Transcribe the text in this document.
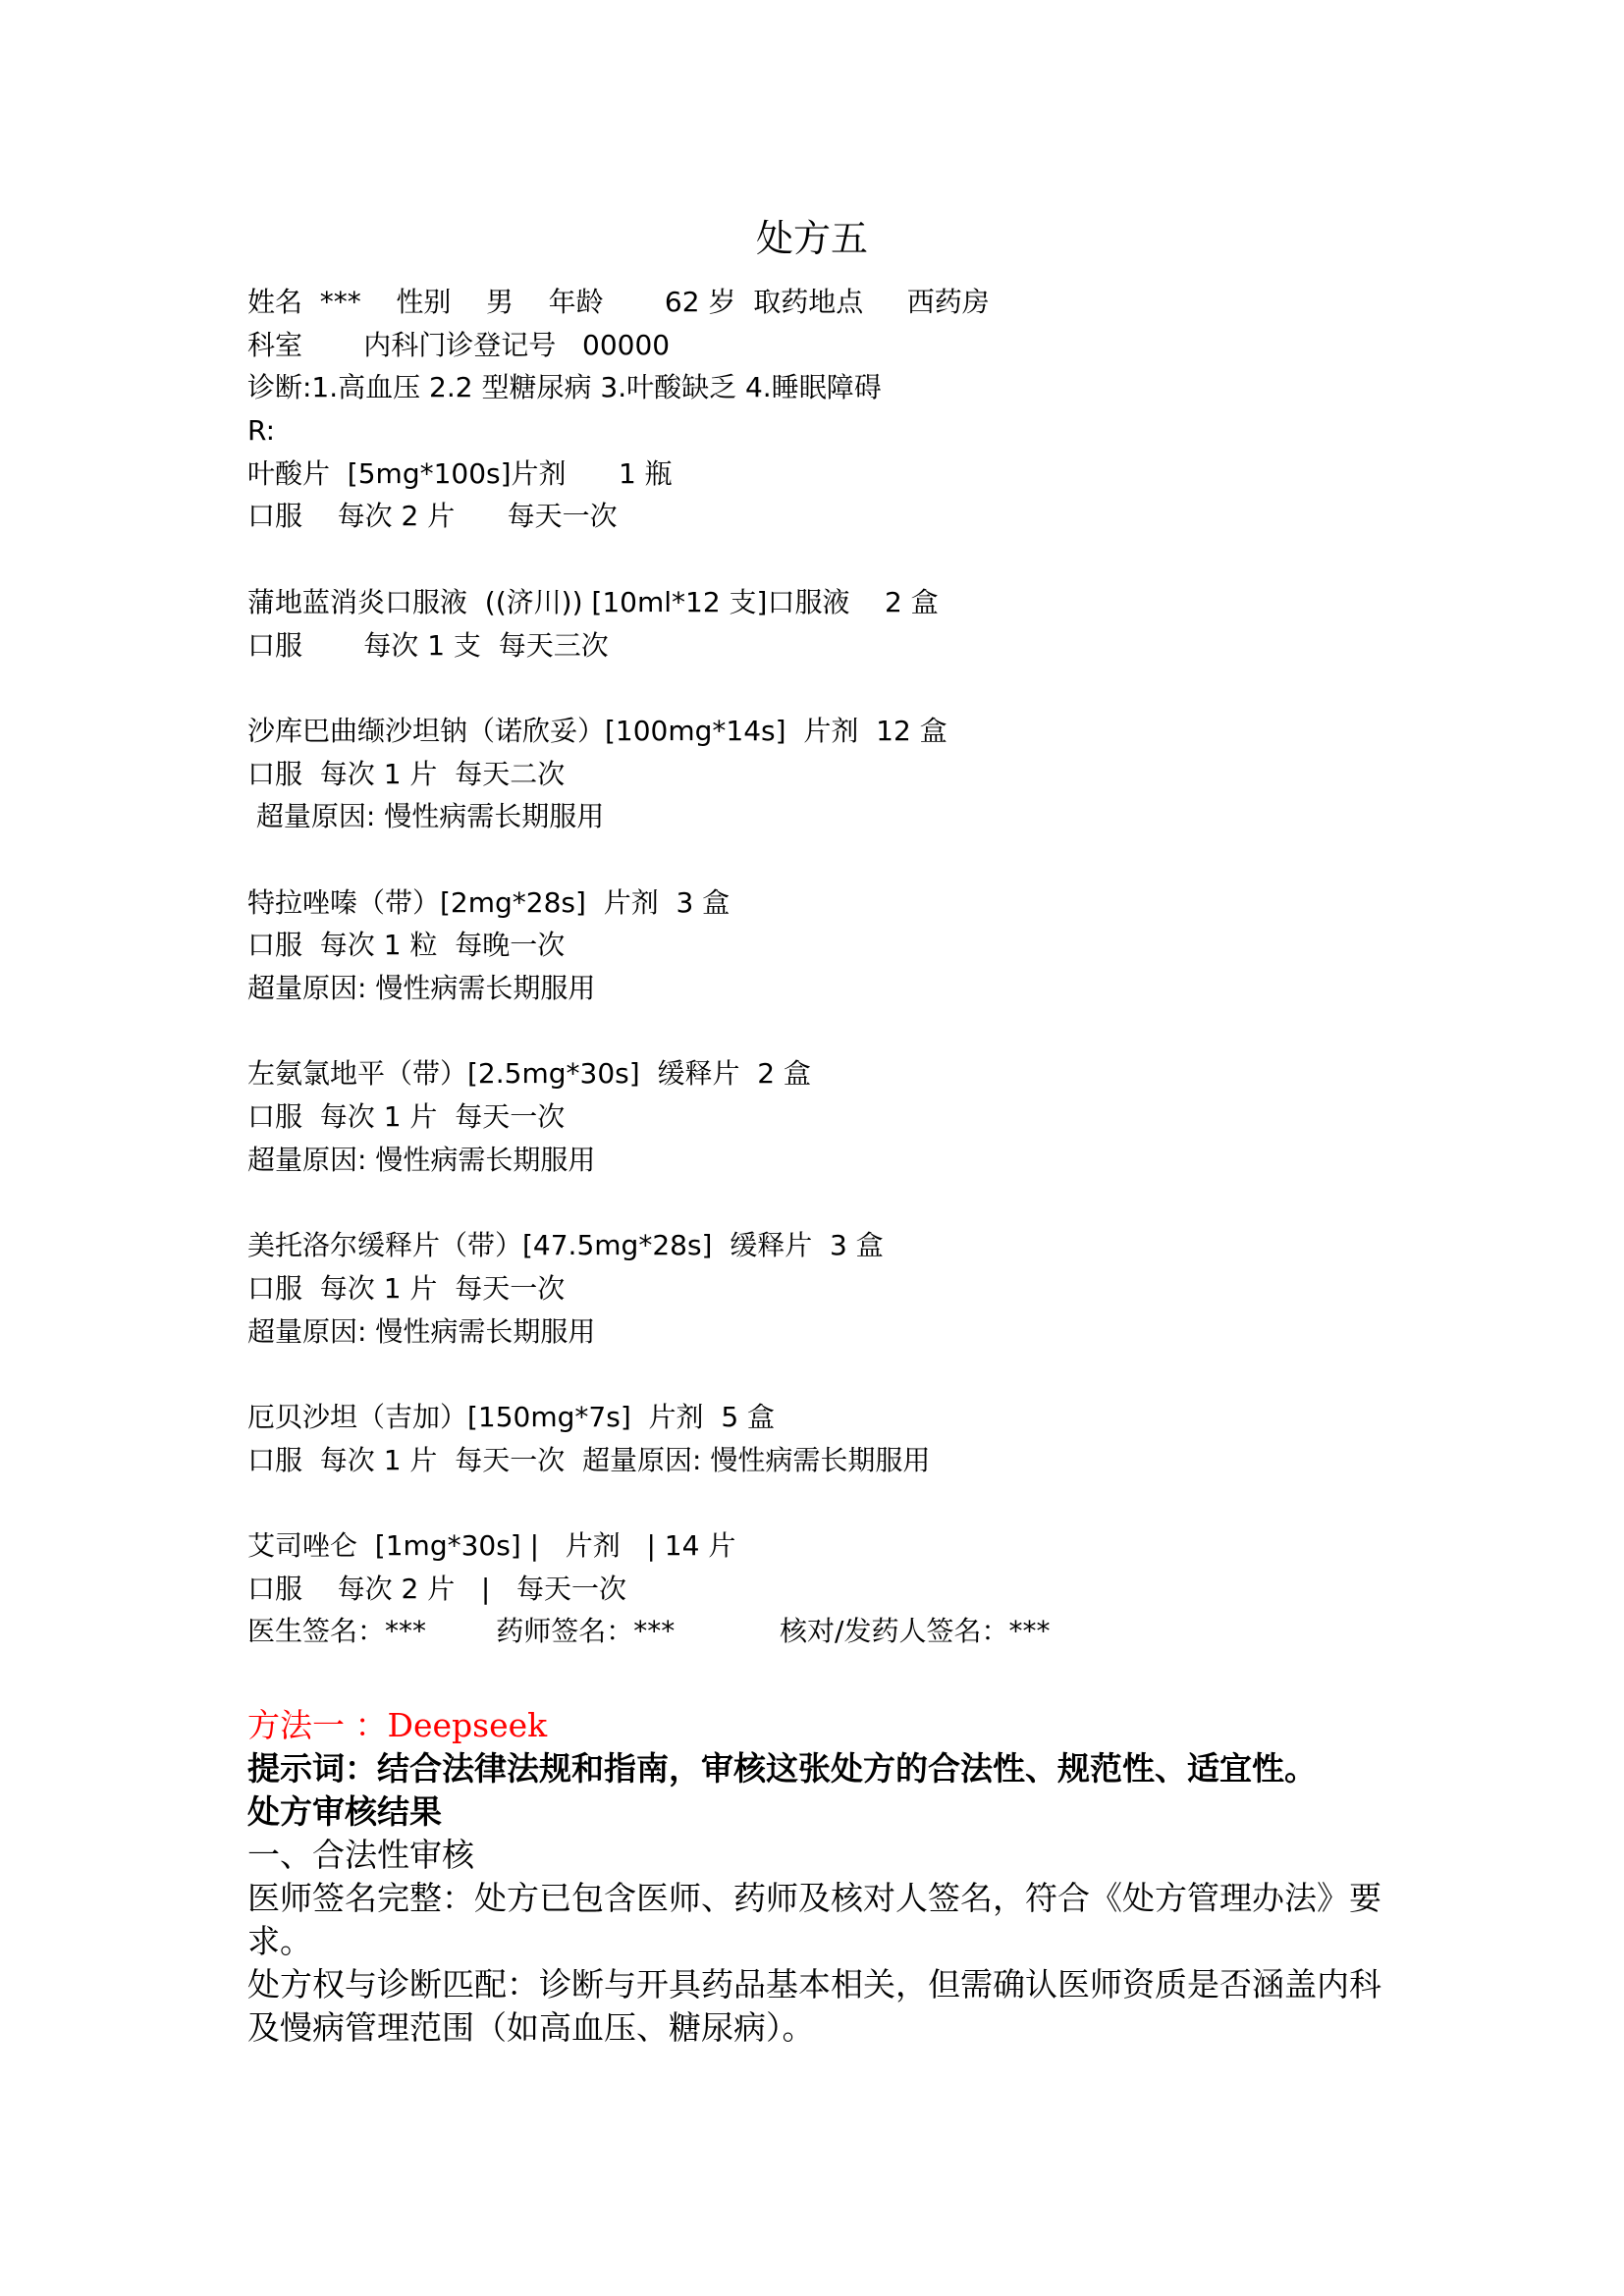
处方五
姓名  ***    性别    男    年龄       62 岁  取药地点     西药房
科室       内科门诊登记号   00000
诊断:1.高血压 2.2 型糖尿病 3.叶酸缺乏 4.睡眠障碍
R:
叶酸片  [5mg*100s]片剂      1 瓶
口服    每次 2 片      每天一次
蒲地蓝消炎口服液  ((济川)) [10ml*12 支]口服液    2 盒
口服       每次 1 支  每天三次
沙库巴曲缬沙坦钠（诺欣妥）[100mg*14s]  片剂  12 盒
口服  每次 1 片  每天二次
超量原因: 慢性病需长期服用
特拉唑嗪（带）[2mg*28s]  片剂  3 盒
口服  每次 1 粒  每晚一次
超量原因: 慢性病需长期服用
左氨氯地平（带）[2.5mg*30s]  缓释片  2 盒
口服  每次 1 片  每天一次
超量原因: 慢性病需长期服用
美托洛尔缓释片（带）[47.5mg*28s]  缓释片  3 盒
口服  每次 1 片  每天一次
超量原因: 慢性病需长期服用
厄贝沙坦（吉加）[150mg*7s]  片剂  5 盒
口服  每次 1 片  每天一次  超量原因: 慢性病需长期服用
艾司唑仑  [1mg*30s] |   片剂   | 14 片
口服    每次 2 片   |   每天一次
医生签名：***        药师签名：***            核对/发药人签名：***
方法一 ：Deepseek
提示词：结合法律法规和指南，审核这张处方的合法性、规范性、适宜性。
处方审核结果
一、合法性审核
医师签名完整：处方已包含医师、药师及核对人签名，符合《处方管理办法》要
求。
处方权与诊断匹配：诊断与开具药品基本相关，但需确认医师资质是否涵盖内科
及慢病管理范围（如高血压、糖尿病）。
